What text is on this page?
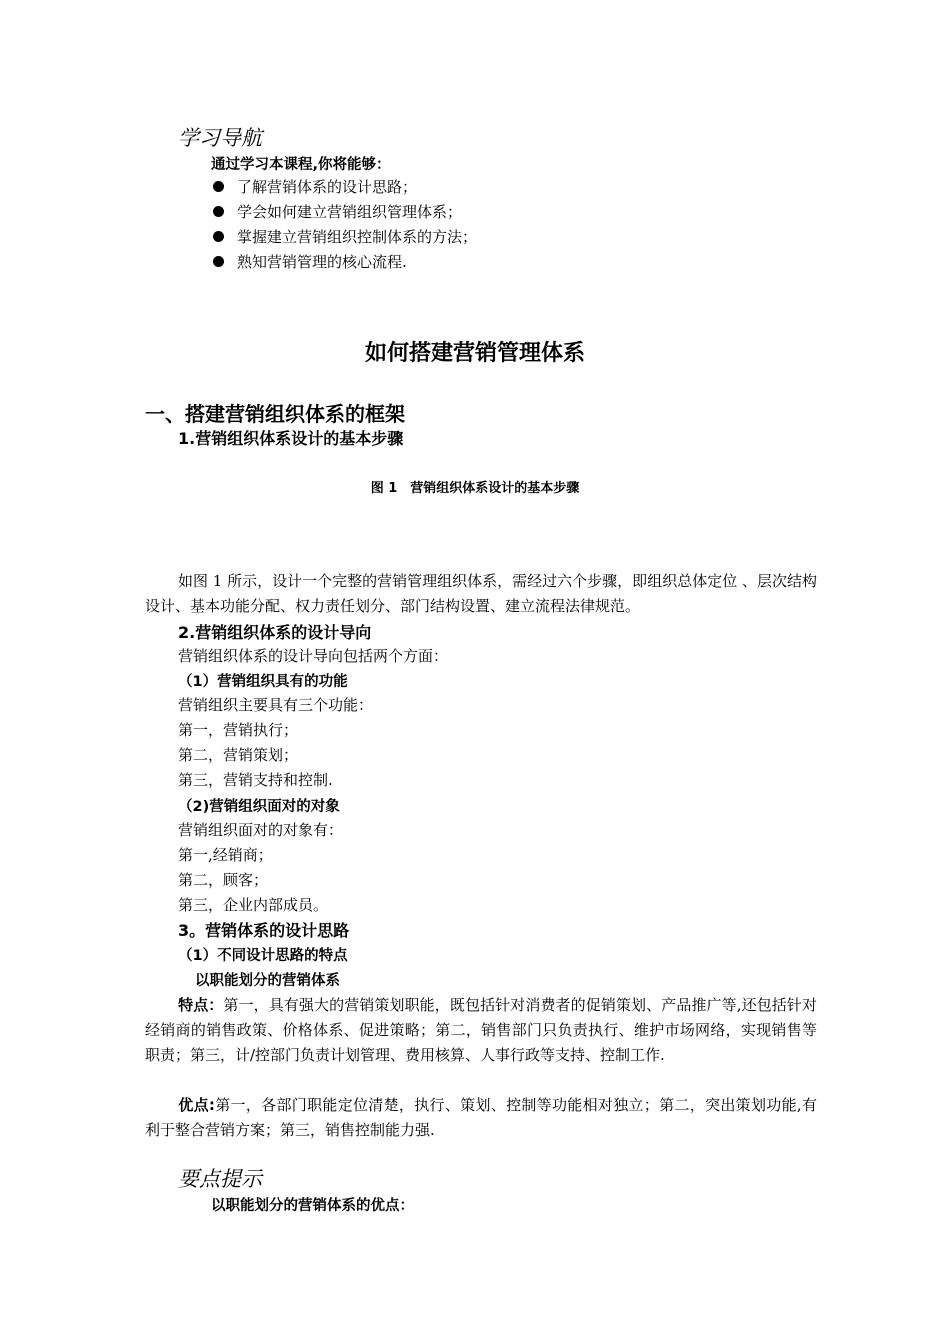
学习导航
通过学习本课程,你将能够：
了解营销体系的设计思路；
学会如何建立营销组织管理体系；
掌握建立营销组织控制体系的方法；
熟知营销管理的核心流程.
如何搭建营销管理体系
一、搭建营销组织体系的框架
1.营销组织体系设计的基本步骤
图 1　营销组织体系设计的基本步骤
如图 1 所示，设计一个完整的营销管理组织体系，需经过六个步骤，即组织总体定位 、层次结构设计、基本功能分配、权力责任划分、部门结构设置、建立流程法律规范。
2.营销组织体系的设计导向
营销组织体系的设计导向包括两个方面：
（1）营销组织具有的功能
营销组织主要具有三个功能：
第一，营销执行；
第二，营销策划；
第三，营销支持和控制.
（2)营销组织面对的对象
营销组织面对的对象有：
第一,经销商；
第二，顾客；
第三，企业内部成员。
3。营销体系的设计思路
（1）不同设计思路的特点
以职能划分的营销体系
特点：第一，具有强大的营销策划职能，既包括针对消费者的促销策划、产品推广等,还包括针对经销商的销售政策、价格体系、促进策略；第二，销售部门只负责执行、维护市场网络，实现销售等职责；第三，计/控部门负责计划管理、费用核算、人事行政等支持、控制工作.
优点:第一，各部门职能定位清楚，执行、策划、控制等功能相对独立；第二，突出策划功能,有利于整合营销方案；第三，销售控制能力强.
要点提示
以职能划分的营销体系的优点：
